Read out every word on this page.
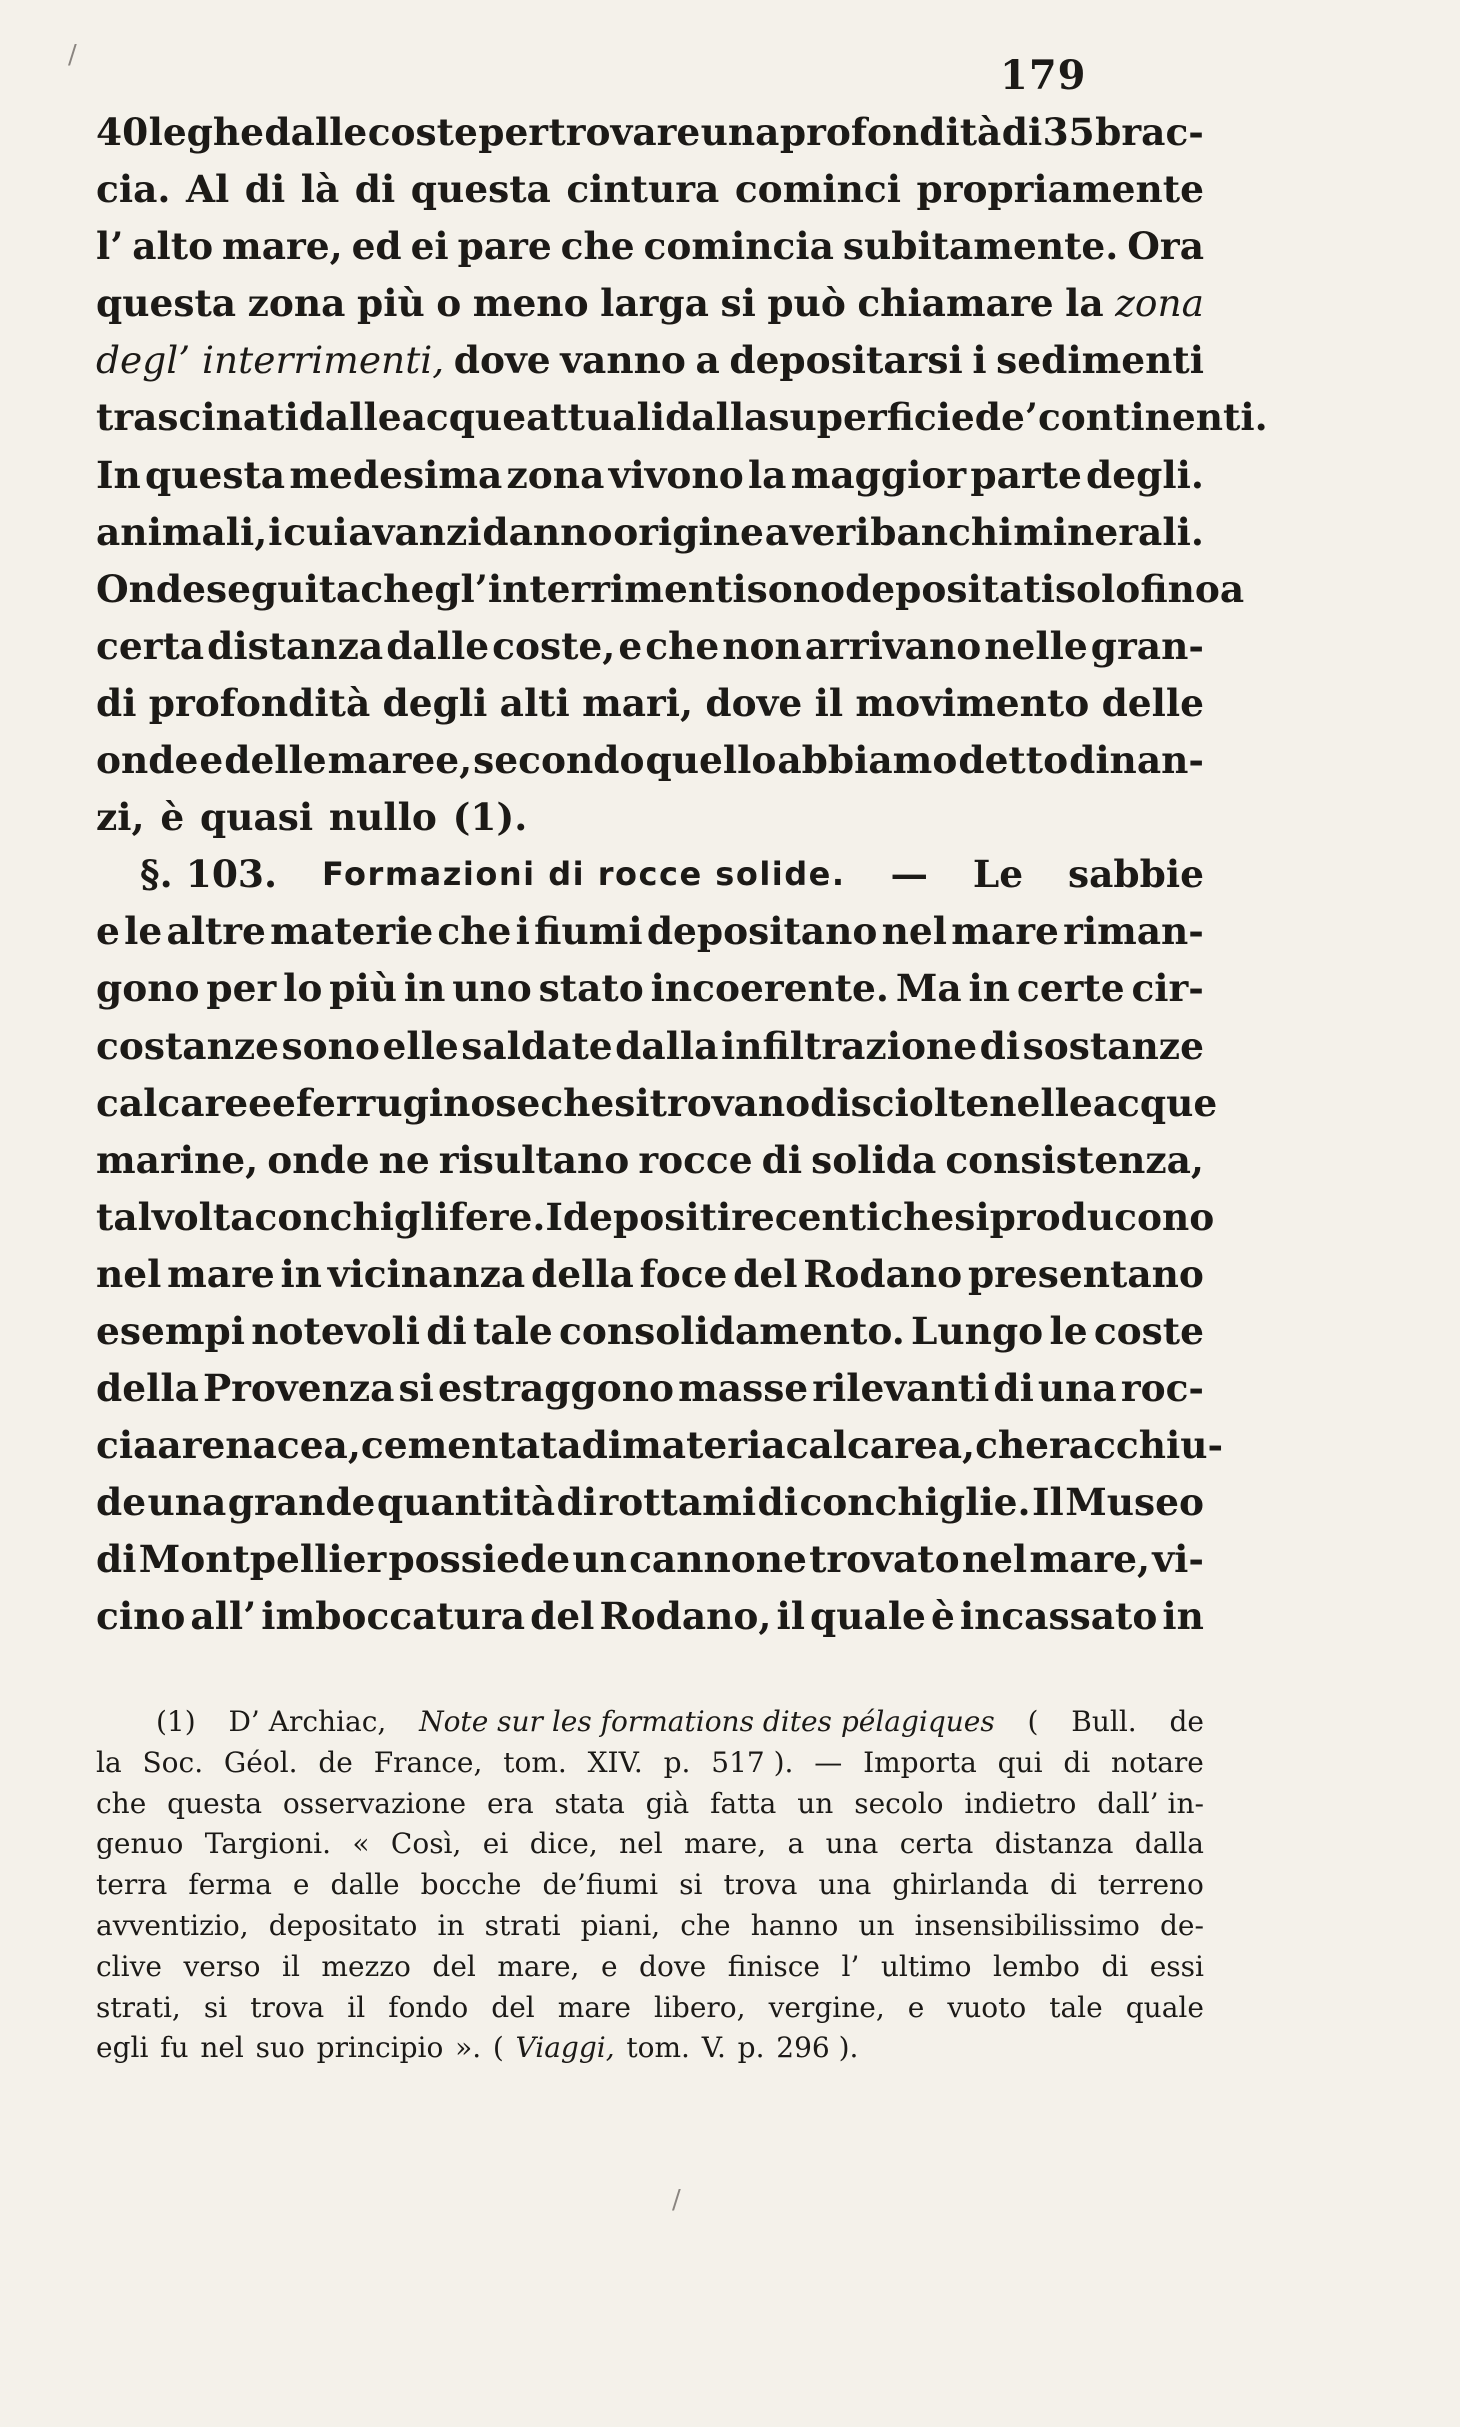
179
40 leghe dalle coste per trovare una profondità di 35 brac-
cia. Al di là di questa cintura cominci propriamente
l’ alto mare, ed ei pare che comincia subitamente. Ora
questa zona più o meno larga si può chiamare la zona
degl’ interrimenti, dove vanno a depositarsi i sedimenti
trascinati dalle acque attuali dalla superficie de’ continenti.
In questa medesima zona vivono la maggior parte degli.
animali, i cui avanzi danno origine a veri banchi minerali.
Onde seguita che gl’ interrimenti sono depositati solo fino a
certa distanza dalle coste, e che non arrivano nelle gran-
di profondità degli alti mari, dove il movimento delle
onde e delle maree, secondo quello abbiamo detto dinan-
zi, è quasi nullo (1).
§. 103. Formazioni di rocce solide. — Le sabbie
e le altre materie che i fiumi depositano nel mare riman-
gono per lo più in uno stato incoerente. Ma in certe cir-
costanze sono elle saldate dalla infiltrazione di sostanze
calcaree e ferruginose che si trovano disciolte nelle acque
marine, onde ne risultano rocce di solida consistenza,
talvolta conchiglifere. I depositi recenti che si producono
nel mare in vicinanza della foce del Rodano presentano
esempi notevoli di tale consolidamento. Lungo le coste
della Provenza si estraggono masse rilevanti di una roc-
cia arenacea, cementata di materia calcarea, che racchiu-
de una grande quantità di rottami di conchiglie. Il Museo
di Montpellier possiede un cannone trovato nel mare, vi-
cino all’ imboccatura del Rodano, il quale è incassato in
(1) D’ Archiac, Note sur les formations dites pélagiques ( Bull. de
la Soc. Géol. de France, tom. XIV. p. 517 ). — Importa qui di notare
che questa osservazione era stata già fatta un secolo indietro dall’ in-
genuo Targioni. « Così, ei dice, nel mare, a una certa distanza dalla
terra ferma e dalle bocche de’fiumi si trova una ghirlanda di terreno
avventizio, depositato in strati piani, che hanno un insensibilissimo de-
clive verso il mezzo del mare, e dove finisce l’ ultimo lembo di essi
strati, si trova il fondo del mare libero, vergine, e vuoto tale quale
egli fu nel suo principio ». ( Viaggi, tom. V. p. 296 ).
/
/
